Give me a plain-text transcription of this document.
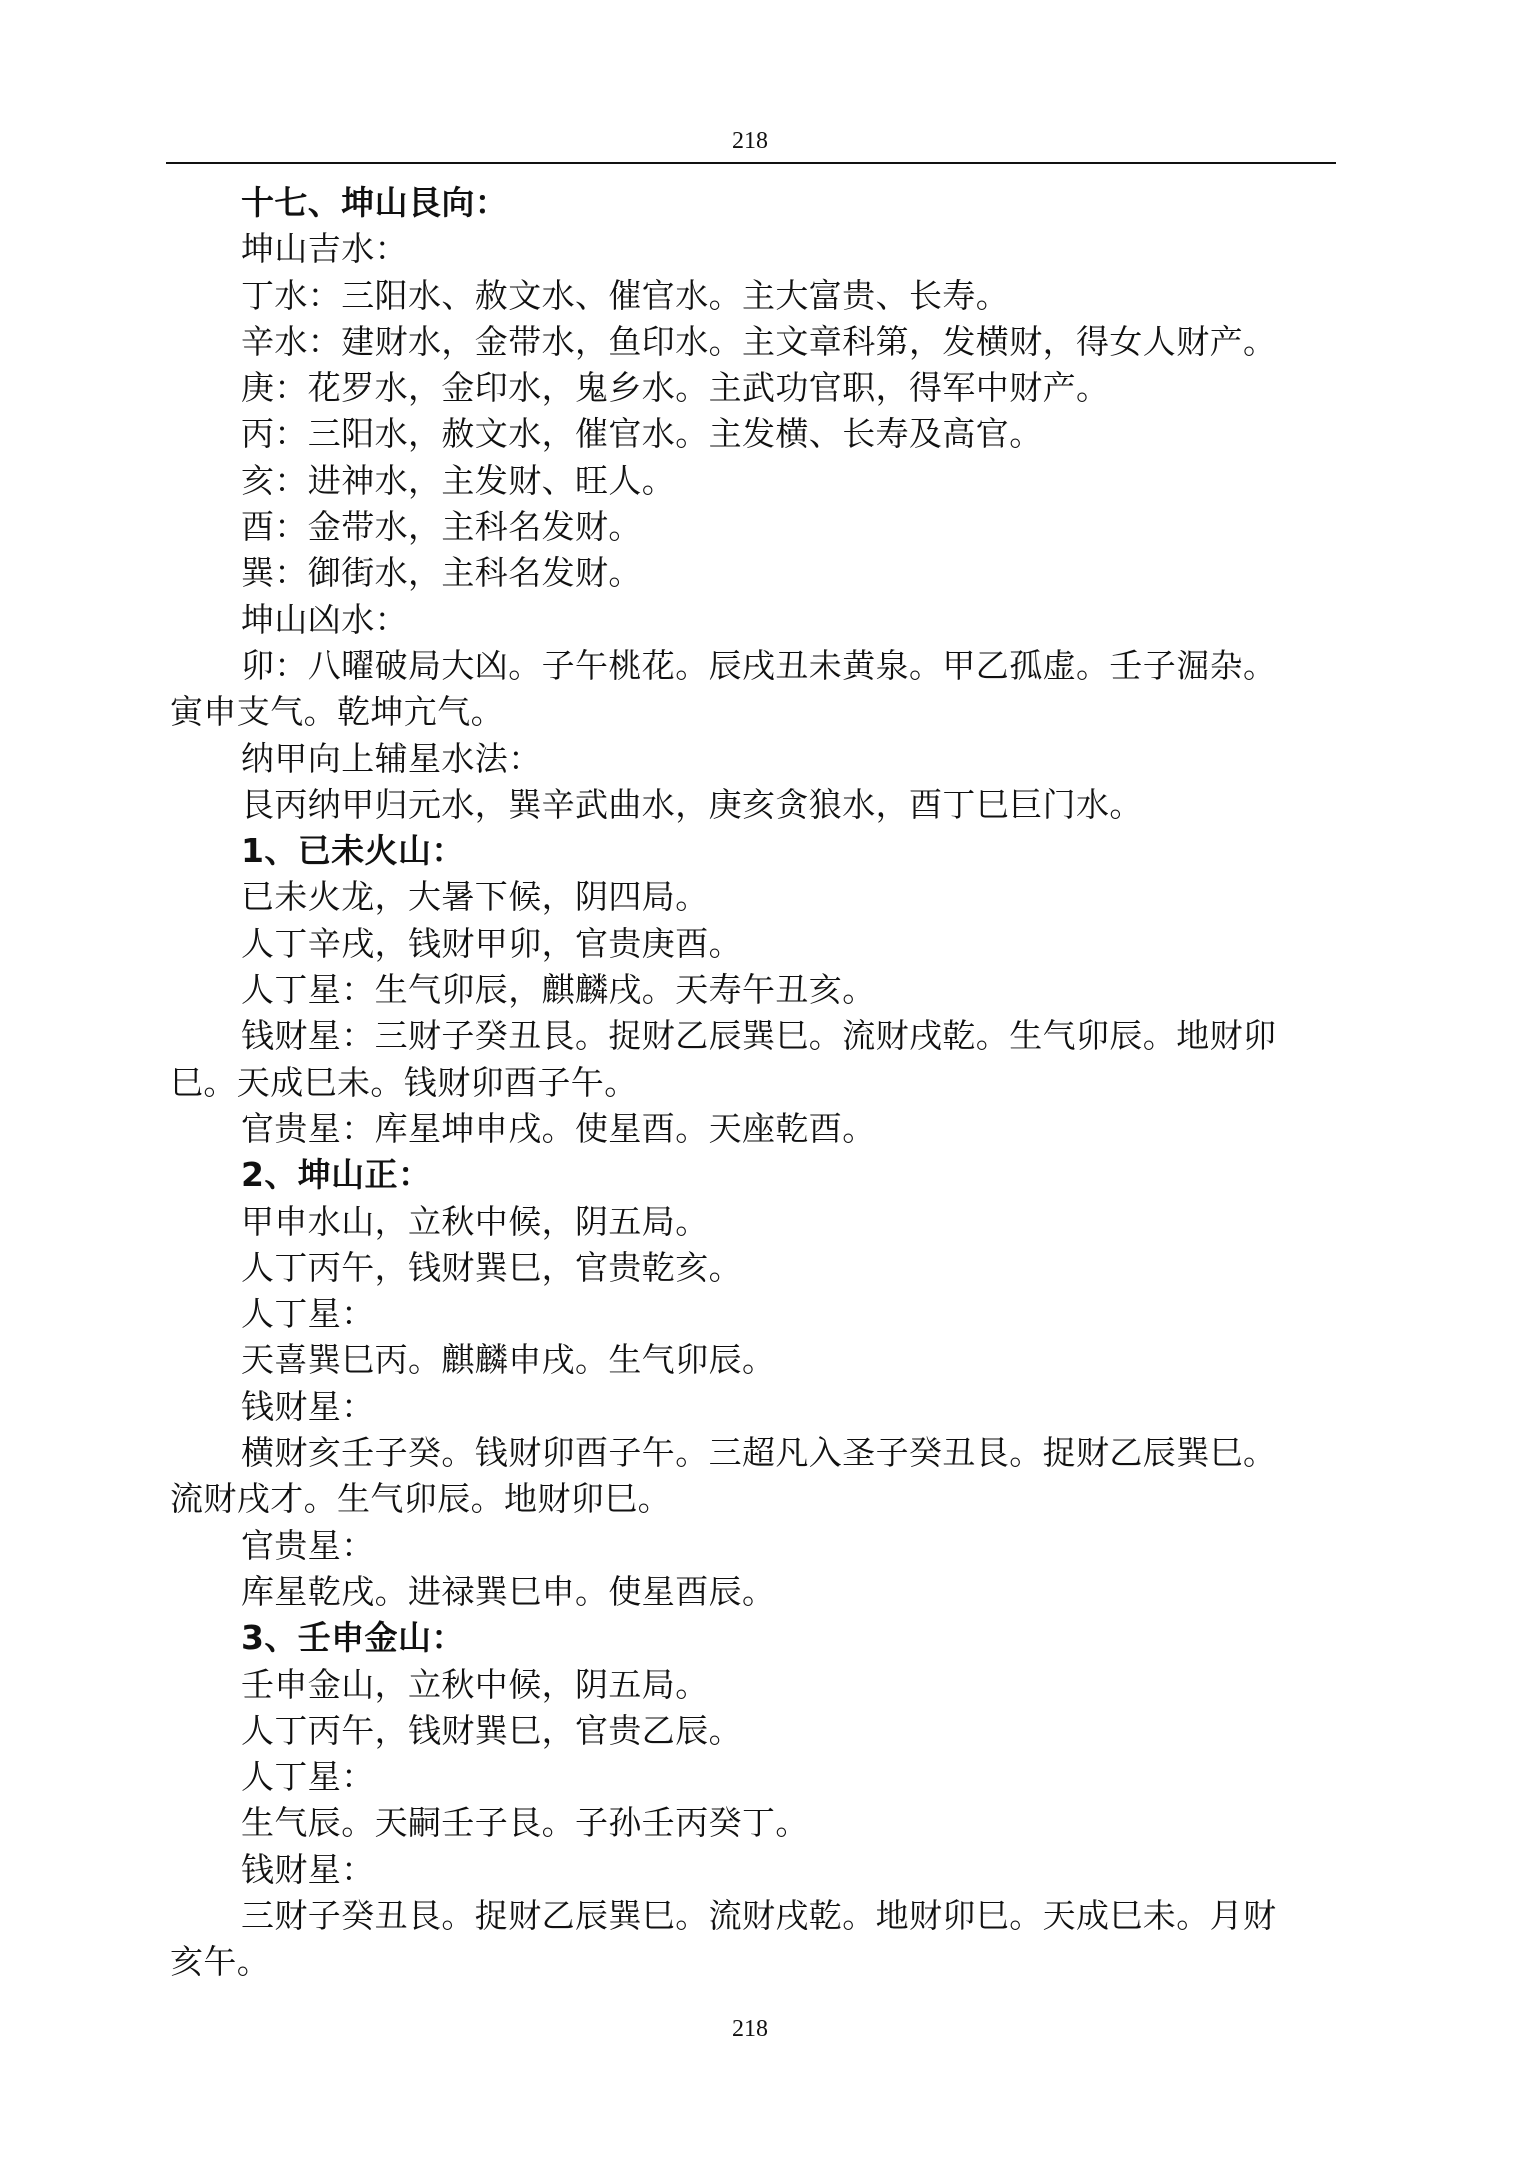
218

十七、坤山艮向：

坤山吉水：

丁水：三阳水、赦文水、催官水。主大富贵、长寿。

辛水：建财水，金带水，鱼印水。主文章科第，发横财，得女人财产。

庚：花罗水，金印水，鬼乡水。主武功官职，得军中财产。

丙：三阳水，赦文水，催官水。主发横、长寿及高官。

亥：进神水，主发财、旺人。

酉：金带水，主科名发财。

巽：御街水，主科名发财。

坤山凶水：

卯：八曜破局大凶。子午桃花。辰戌丑未黄泉。甲乙孤虚。壬子淈杂。

寅申支气。乾坤亢气。

纳甲向上辅星水法：

艮丙纳甲归元水，巽辛武曲水，庚亥贪狼水，酉丁巳巨门水。

1、已未火山：

已未火龙，大暑下候，阴四局。

人丁辛戌，钱财甲卯，官贵庚酉。

人丁星：生气卯辰，麒麟戌。天寿午丑亥。

钱财星：三财子癸丑艮。捉财乙辰巽巳。流财戌乾。生气卯辰。地财卯

巳。天成巳未。钱财卯酉子午。

官贵星：库星坤申戌。使星酉。天座乾酉。

2、坤山正：

甲申水山，立秋中候，阴五局。

人丁丙午，钱财巽巳，官贵乾亥。

人丁星：

天喜巽巳丙。麒麟申戌。生气卯辰。

钱财星：

横财亥壬子癸。钱财卯酉子午。三超凡入圣子癸丑艮。捉财乙辰巽巳。

流财戌才。生气卯辰。地财卯巳。

官贵星：

库星乾戌。进禄巽巳申。使星酉辰。

3、壬申金山：

壬申金山，立秋中候，阴五局。

人丁丙午，钱财巽巳，官贵乙辰。

人丁星：

生气辰。天嗣壬子艮。子孙壬丙癸丁。

钱财星：

三财子癸丑艮。捉财乙辰巽巳。流财戌乾。地财卯巳。天成巳未。月财

亥午。

218
